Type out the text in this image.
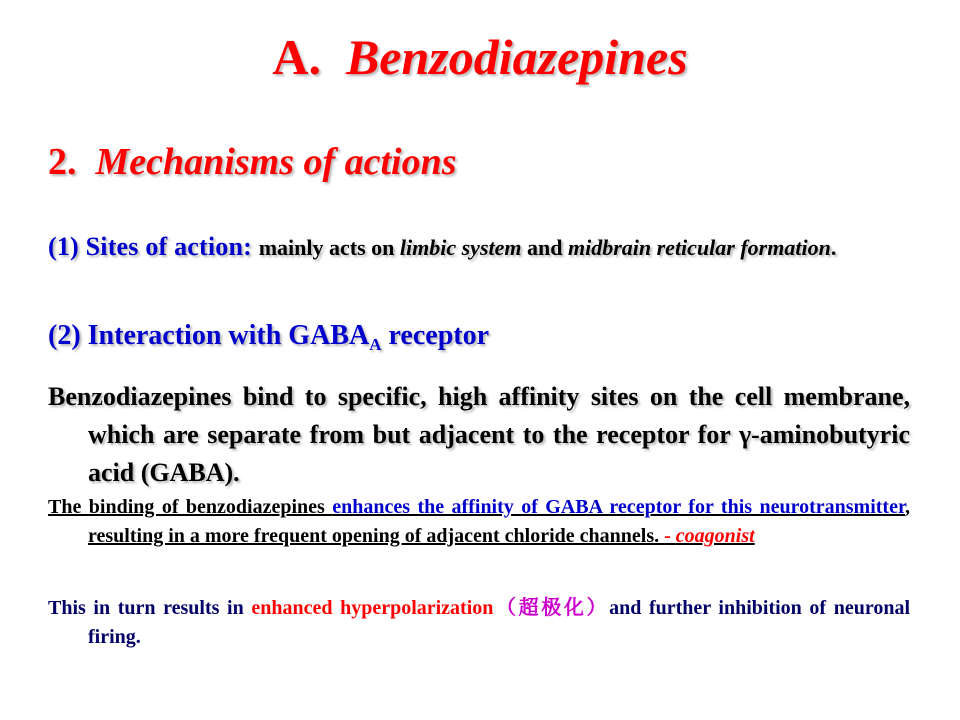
A.  Benzodiazepines
2.  Mechanisms of actions

(1) Sites of action: mainly acts on limbic system and midbrain reticular formation.

(2) Interaction with $GABA_A$ receptor

Benzodiazepines bind to specific, high affinity sites on the cell membrane, which are separate from but adjacent to the receptor for γ-aminobutyric acid (GABA).

The binding of benzodiazepines enhances the affinity of GABA receptor for this neurotransmitter, resulting in a more frequent opening of adjacent chloride channels. - coagonist

This in turn results in enhanced hyperpolarization（超极化）and further inhibition of neuronal firing.
